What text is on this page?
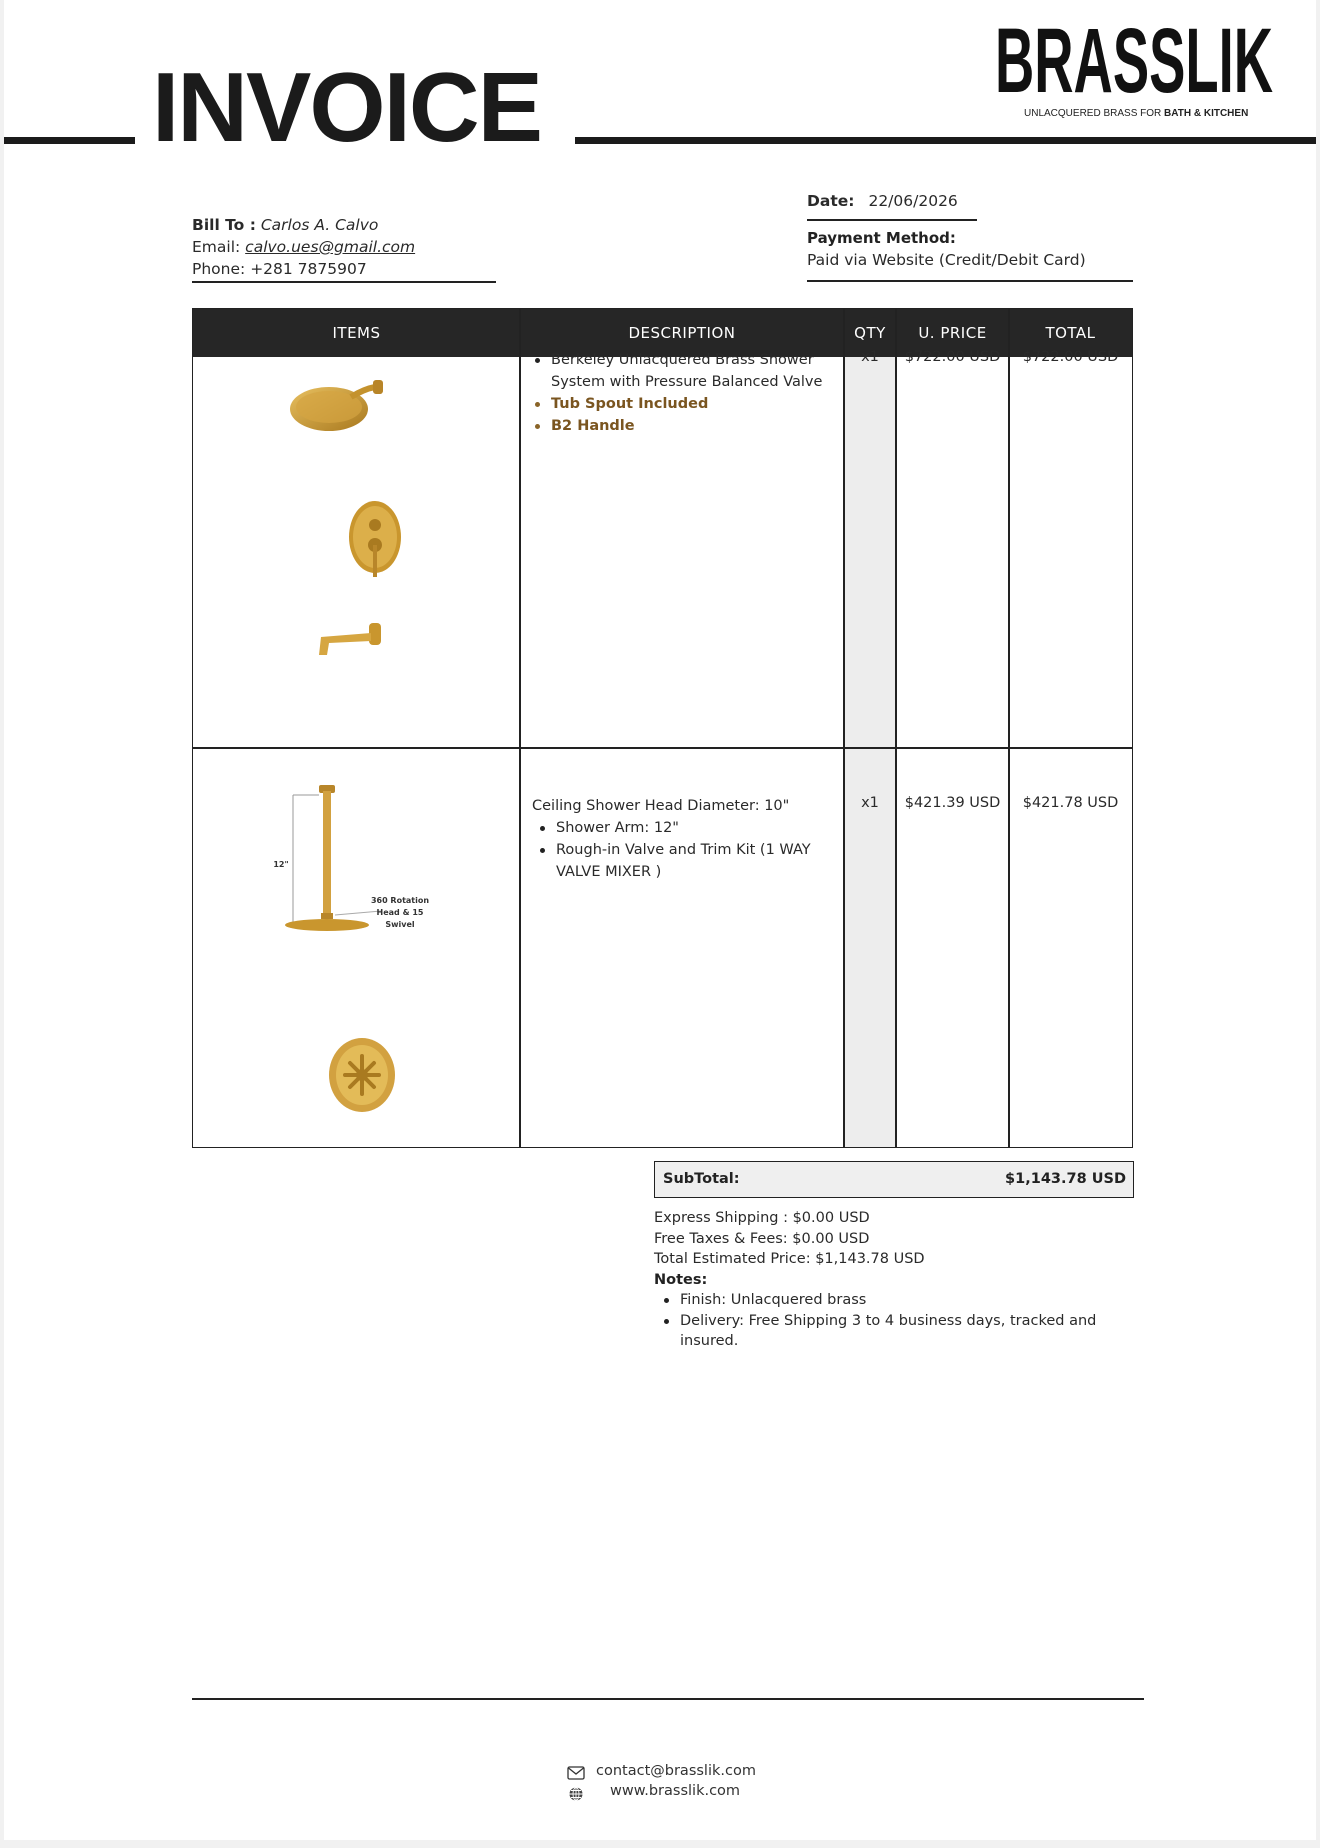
INVOICE	BRASSLIK
UNLACQUERED BRASS FOR BATH & KITCHEN
Bill To : Carlos A. Calvo
Email: calvo.ues@gmail.com
Phone: +281 7875907
Date: 22/06/2026
Payment Method:
Paid via Website (Credit/Debit Card)
ITEMS	DESCRIPTION	QTY	U. PRICE	TOTAL
Berkeley Unlacquered Brass Shower System with Pressure Balanced Valve
Tub Spout Included
B2 Handle
x1	$722.00 USD	$722.00 USD
12"
360 Rotation
Head & 15
Swivel
Ceiling Shower Head Diameter: 10"
Shower Arm: 12"
Rough-in Valve and Trim Kit (1 WAY VALVE MIXER )
x1	$421.39 USD	$421.78 USD
SubTotal:	$1,143.78 USD
Express Shipping : $0.00 USD
Free Taxes & Fees: $0.00 USD
Total Estimated Price: $1,143.78 USD
Notes:
Finish: Unlacquered brass
Delivery: Free Shipping 3 to 4 business days, tracked and insured.
contact@brasslik.com
www.brasslik.com
